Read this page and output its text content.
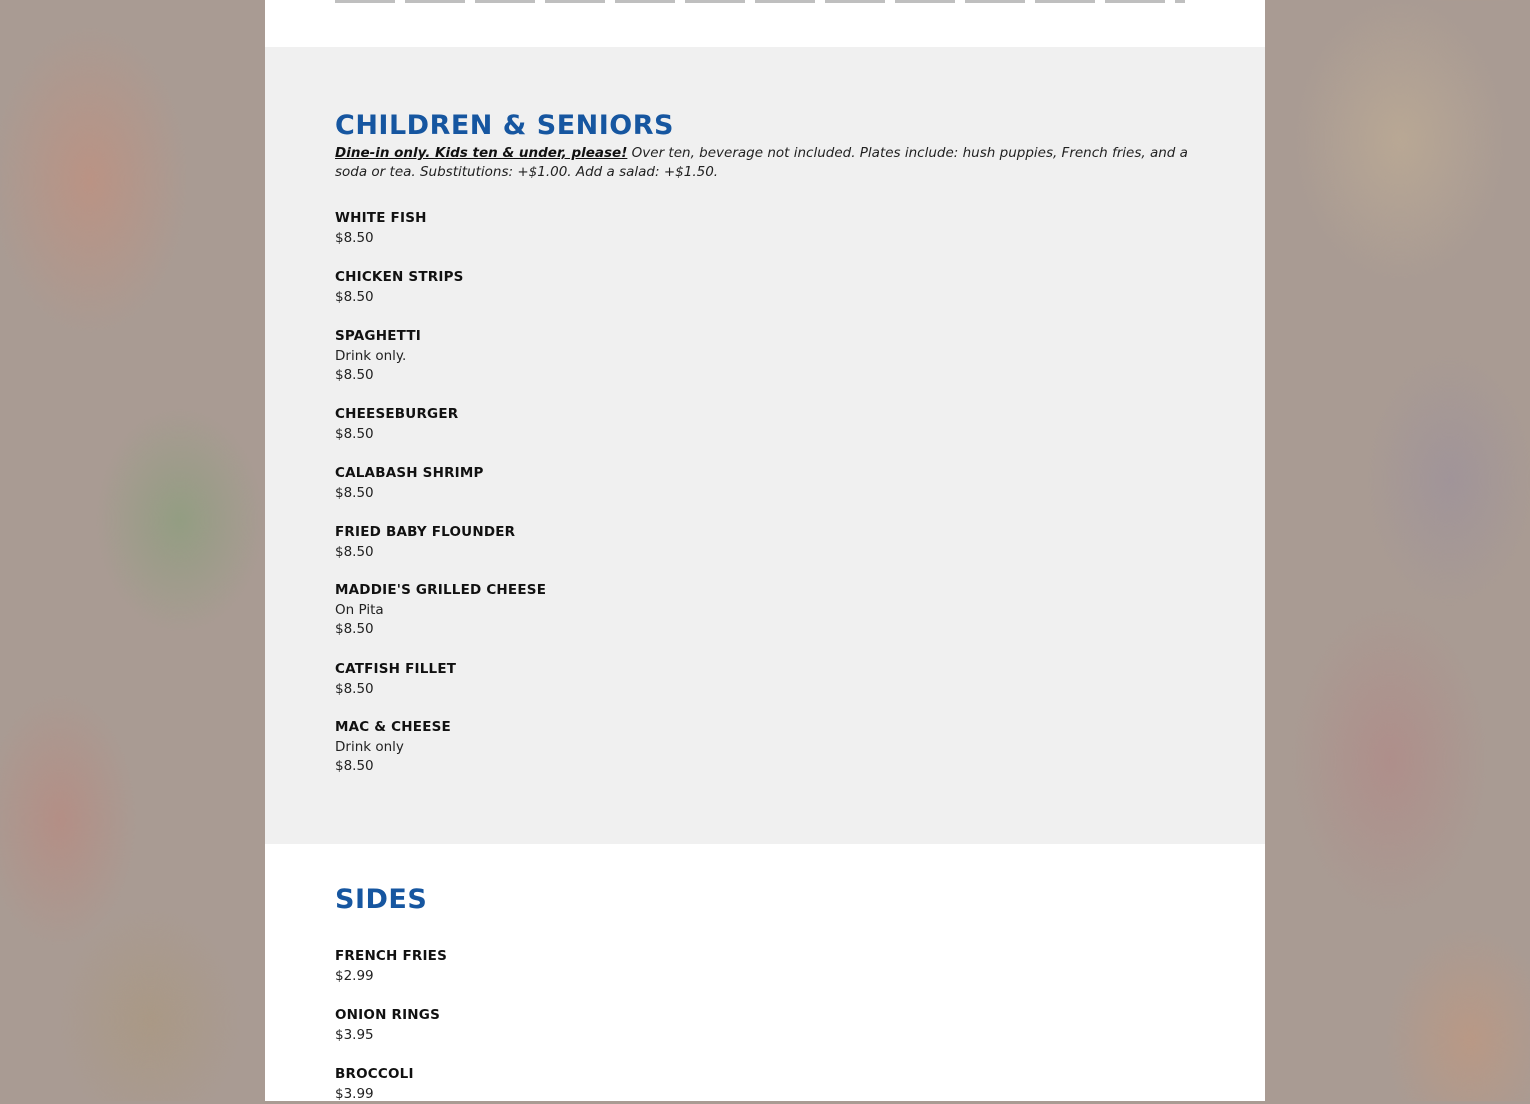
CHILDREN & SENIORS

Dine-in only. Kids ten & under, please! Over ten, beverage not included. Plates include: hush puppies, French fries, and a soda or tea. Substitutions: +$1.00. Add a salad: +$1.50.

WHITE FISH
$8.50
CHICKEN STRIPS
$8.50
SPAGHETTI
Drink only.
$8.50
CHEESEBURGER
$8.50
CALABASH SHRIMP
$8.50
FRIED BABY FLOUNDER
$8.50
MADDIE'S GRILLED CHEESE
On Pita
$8.50
CATFISH FILLET
$8.50
MAC & CHEESE
Drink only
$8.50
SIDES
FRENCH FRIES
$2.99
ONION RINGS
$3.95
BROCCOLI
$3.99
